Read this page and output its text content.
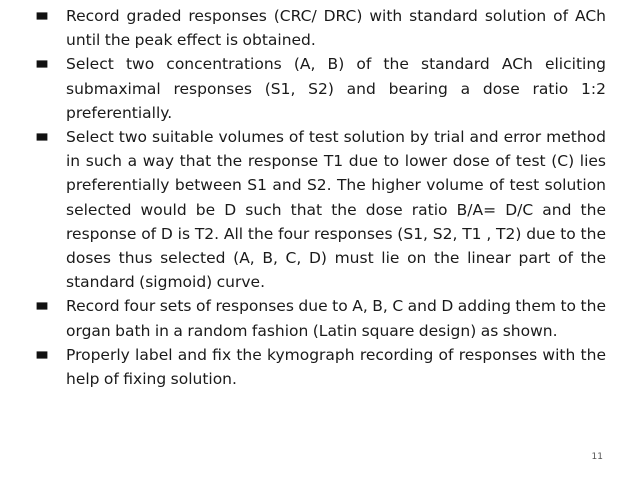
Record graded responses (CRC/ DRC) with standard solution of ACh until the peak effect is obtained.
Select two concentrations (A, B) of the standard ACh eliciting submaximal responses (S1, S2) and bearing a dose ratio 1:2 preferentially.
Select two suitable volumes of test solution by trial and error method in such a way that the response T1 due to lower dose of test (C) lies preferentially between S1 and S2. The higher volume of test solution selected would be D such that the dose ratio B/A= D/C and the response of D is T2. All the four responses (S1, S2, T1 , T2) due to the doses thus selected (A, B, C, D) must lie on the linear part of the standard (sigmoid) curve.
Record four sets of responses due to A, B, C and D adding them to the organ bath in a random fashion (Latin square design) as shown.
Properly label and fix the kymograph recording of responses with the help of fixing solution.
11
